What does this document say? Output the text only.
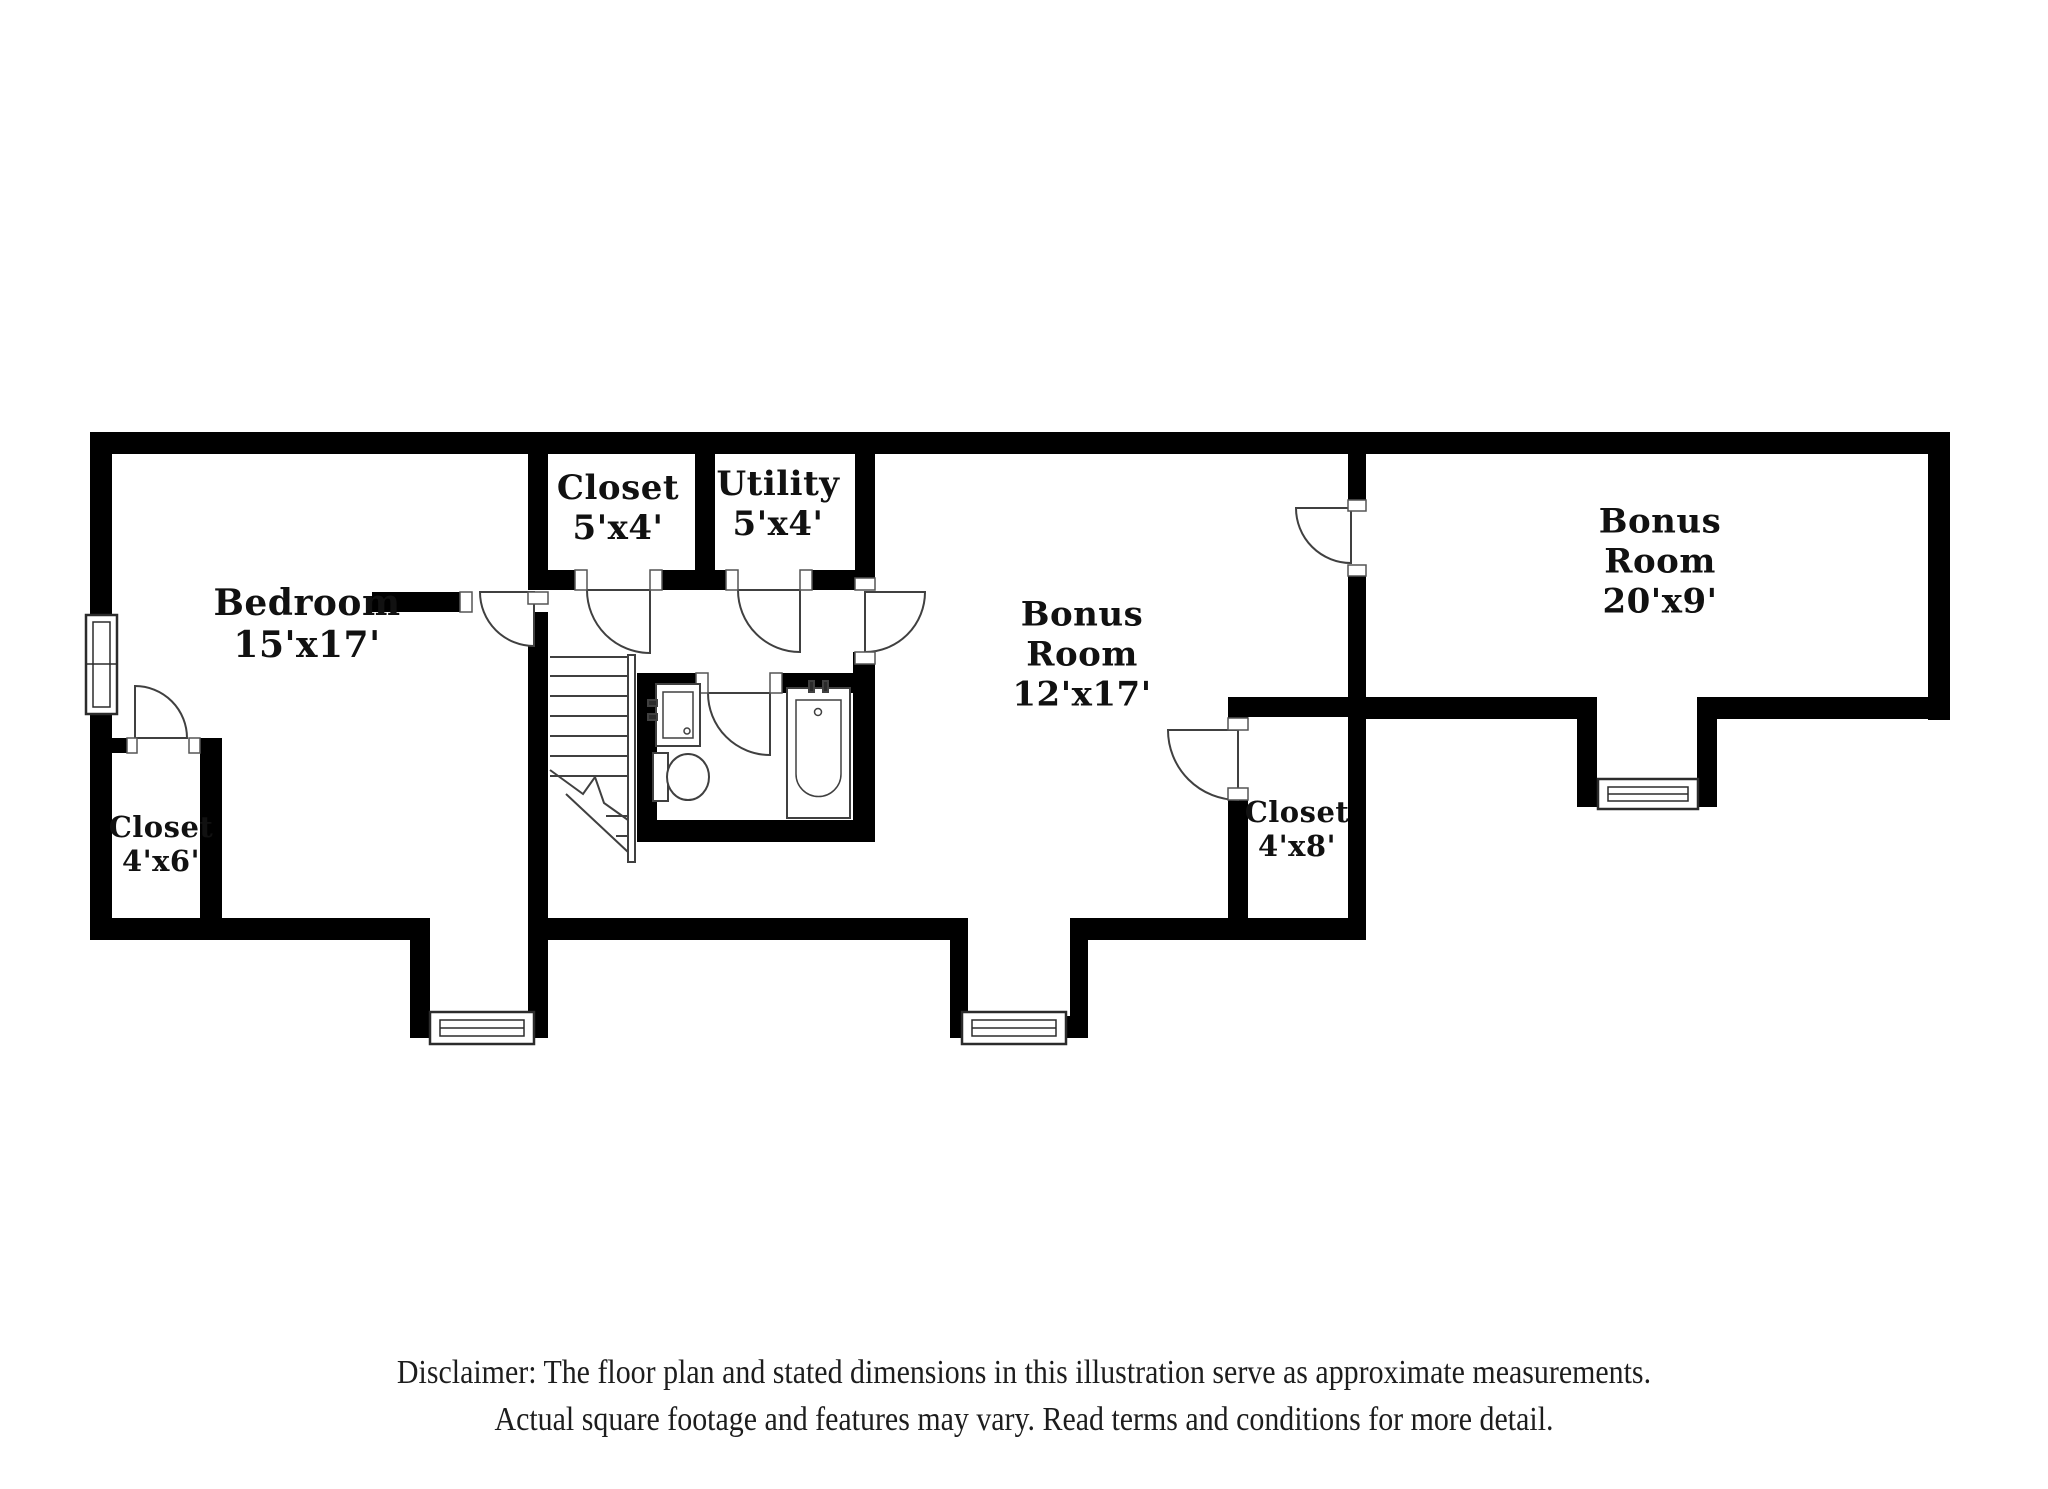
Bedroom
15'x17'
Closet
5'x4'
Utility
5'x4'
Bonus
Room
12'x17'
Bonus
Room
20'x9'
Closet
4'x6'
Closet
4'x8'
Disclaimer: The floor plan and stated dimensions in this illustration serve as approximate measurements.
Actual square footage and features may vary. Read terms and conditions for more detail.
